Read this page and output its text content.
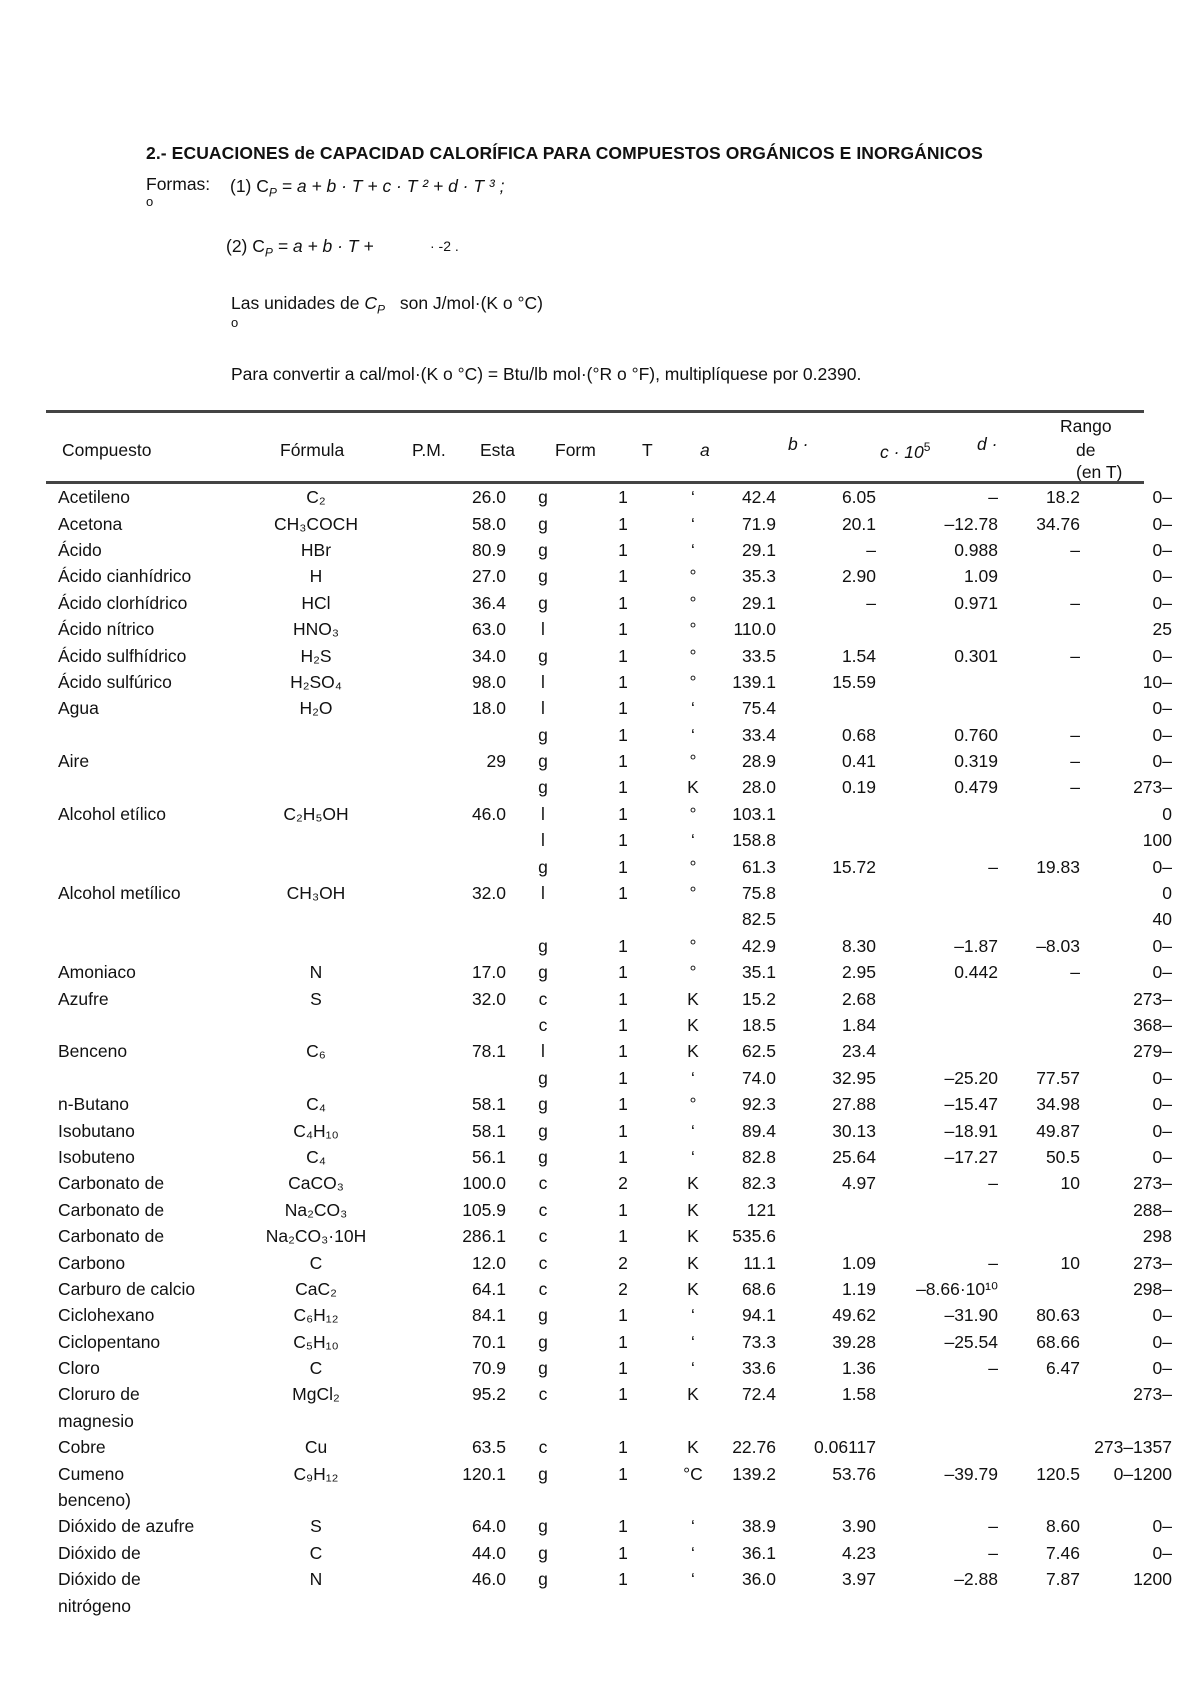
2.- ECUACIONES de CAPACIDAD CALORÍFICA PARA COMPUESTOS ORGÁNICOS E INORGÁNICOS
Formas:
o
(1) $C_P = a + b \cdot T + c \cdot T$ ² + d · T ³ ;
(2) $C_P = a + b \cdot T$ +	· -2 .
Las unidades de $C_P$ son J/mol·(K o °C)
o
Para convertir a cal/mol·(K o °C) = Btu/lb mol·(°R o °F), multiplíquese por 0.2390.
Compuesto	Fórmula	P.M. Esta Form	T	a	b ·	$c \cdot 10^5$	d ·
Rango
de
(en T)
Acetileno	C₂	26.0	g	1	‘	42.4	6.05	–	18.2	0–
Acetona	CH₃COCH	58.0	g	1	‘	71.9	20.1	–12.78	34.76	0–
Ácido	HBr	80.9	g	1	‘	29.1	–	0.988	–	0–
Ácido cianhídrico	H	27.0	g	1	°	35.3	2.90	1.09		0–
Ácido clorhídrico	HCl	36.4	g	1	°	29.1	–	0.971	–	0–
Ácido nítrico	HNO₃	63.0	l	1	°	110.0				25
Ácido sulfhídrico	H₂S	34.0	g	1	°	33.5	1.54	0.301	–	0–
Ácido sulfúrico	H₂SO₄	98.0	l	1	°	139.1	15.59			10–
Agua	H₂O	18.0	l	1	‘	75.4				0–
			g	1	‘	33.4	0.68	0.760	–	0–
Aire		29	g	1	°	28.9	0.41	0.319	–	0–
			g	1	K	28.0	0.19	0.479	–	273–
Alcohol etílico	C₂H₅OH	46.0	l	1	°	103.1				0
			l	1	‘	158.8				100
			g	1	°	61.3	15.72	–	19.83	0–
Alcohol metílico	CH₃OH	32.0	l	1	°	75.8				0
						82.5				40
			g	1	°	42.9	8.30	–1.87	–8.03	0–
Amoniaco	N	17.0	g	1	°	35.1	2.95	0.442	–	0–
Azufre	S	32.0	c	1	K	15.2	2.68			273–
			c	1	K	18.5	1.84			368–
Benceno	C₆	78.1	l	1	K	62.5	23.4			279–
			g	1	‘	74.0	32.95	–25.20	77.57	0–
n-Butano	C₄	58.1	g	1	°	92.3	27.88	–15.47	34.98	0–
Isobutano	C₄H₁₀	58.1	g	1	‘	89.4	30.13	–18.91	49.87	0–
Isobuteno	C₄	56.1	g	1	‘	82.8	25.64	–17.27	50.5	0–
Carbonato de	CaCO₃	100.0	c	2	K	82.3	4.97	–	10	273–
Carbonato de	Na₂CO₃	105.9	c	1	K	121				288–
Carbonato de	Na₂CO₃·10H	286.1	c	1	K	535.6				298
Carbono	C	12.0	c	2	K	11.1	1.09	–	10	273–
Carburo de calcio	CaC₂	64.1	c	2	K	68.6	1.19	–8.66·10¹⁰		298–
Ciclohexano	C₆H₁₂	84.1	g	1	‘	94.1	49.62	–31.90	80.63	0–
Ciclopentano	C₅H₁₀	70.1	g	1	‘	73.3	39.28	–25.54	68.66	0–
Cloro	C	70.9	g	1	‘	33.6	1.36	–	6.47	0–
Cloruro de	MgCl₂	95.2	c	1	K	72.4	1.58			273–
magnesio										
Cobre	Cu	63.5	c	1	K	22.76	0.06117			273–1357
Cumeno	C₉H₁₂	120.1	g	1	°C	139.2	53.76	–39.79	120.5	0–1200
benceno)										
Dióxido de azufre	S	64.0	g	1	‘	38.9	3.90	–	8.60	0–
Dióxido de	C	44.0	g	1	‘	36.1	4.23	–	7.46	0–
Dióxido de	N	46.0	g	1	‘	36.0	3.97	–2.88	7.87	1200
nitrógeno										
